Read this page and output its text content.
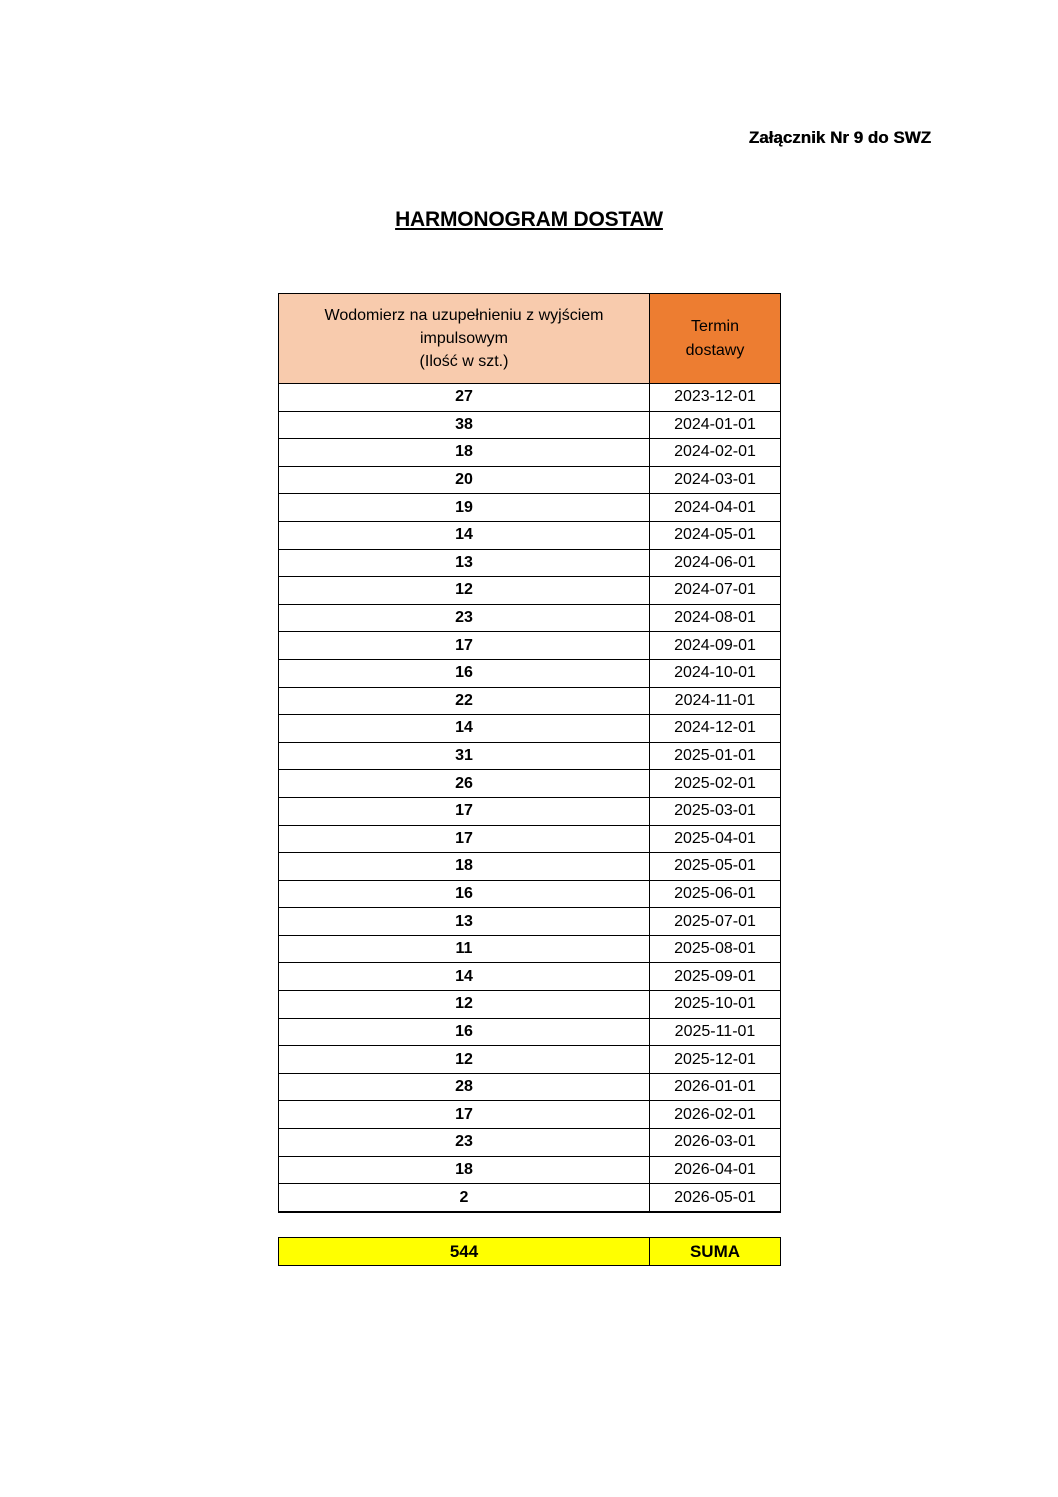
Załącznik Nr 9 do SWZ
HARMONOGRAM DOSTAW
Wodomierz na uzupełnieniu z wyjściem
impulsowym
(Ilość w szt.)	Termin
dostawy
27	2023-12-01
38	2024-01-01
18	2024-02-01
20	2024-03-01
19	2024-04-01
14	2024-05-01
13	2024-06-01
12	2024-07-01
23	2024-08-01
17	2024-09-01
16	2024-10-01
22	2024-11-01
14	2024-12-01
31	2025-01-01
26	2025-02-01
17	2025-03-01
17	2025-04-01
18	2025-05-01
16	2025-06-01
13	2025-07-01
11	2025-08-01
14	2025-09-01
12	2025-10-01
16	2025-11-01
12	2025-12-01
28	2026-01-01
17	2026-02-01
23	2026-03-01
18	2026-04-01
2	2026-05-01
544	SUMA
